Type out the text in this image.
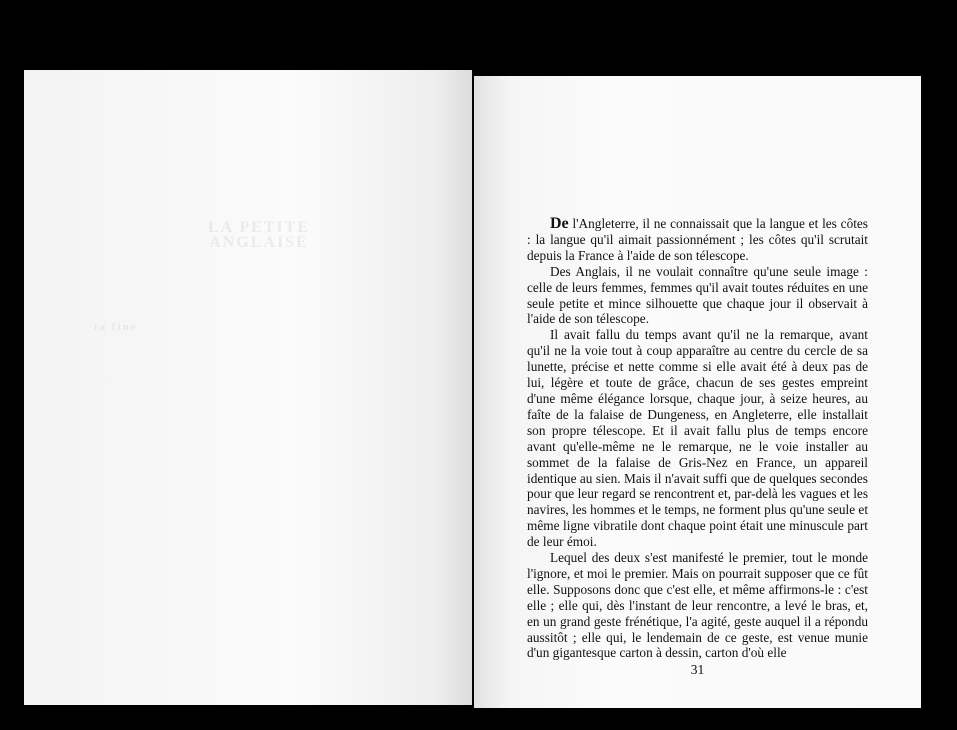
LA PETITE ANGLAISE
ta fine

De l'Angleterre, il ne connaissait que la langue et les côtes : la langue qu'il aimait passionnément ; les côtes qu'il scrutait depuis la France à l'aide de son télescope.

Des Anglais, il ne voulait connaître qu'une seule image : celle de leurs femmes, femmes qu'il avait toutes réduites en une seule petite et mince silhouette que chaque jour il observait à l'aide de son télescope.

Il avait fallu du temps avant qu'il ne la remarque, avant qu'il ne la voie tout à coup apparaître au centre du cercle de sa lunette, précise et nette comme si elle avait été à deux pas de lui, légère et toute de grâce, chacun de ses gestes empreint d'une même élégance lorsque, chaque jour, à seize heures, au faîte de la falaise de Dungeness, en Angleterre, elle installait son propre télescope. Et il avait fallu plus de temps encore avant qu'elle-même ne le remarque, ne le voie installer au sommet de la falaise de Gris-Nez en France, un appareil identique au sien. Mais il n'avait suffi que de quelques secondes pour que leur regard se rencontrent et, par-delà les vagues et les navires, les hommes et le temps, ne forment plus qu'une seule et même ligne vibratile dont chaque point était une minuscule part de leur émoi.

Lequel des deux s'est manifesté le premier, tout le monde l'ignore, et moi le premier. Mais on pourrait supposer que ce fût elle. Supposons donc que c'est elle, et même affirmons-le : c'est elle ; elle qui, dès l'instant de leur rencontre, a levé le bras, et, en un grand geste frénétique, l'a agité, geste auquel il a répondu aussitôt ; elle qui, le lendemain de ce geste, est venue munie d'un gigantesque carton à dessin, carton d'où elle

31
